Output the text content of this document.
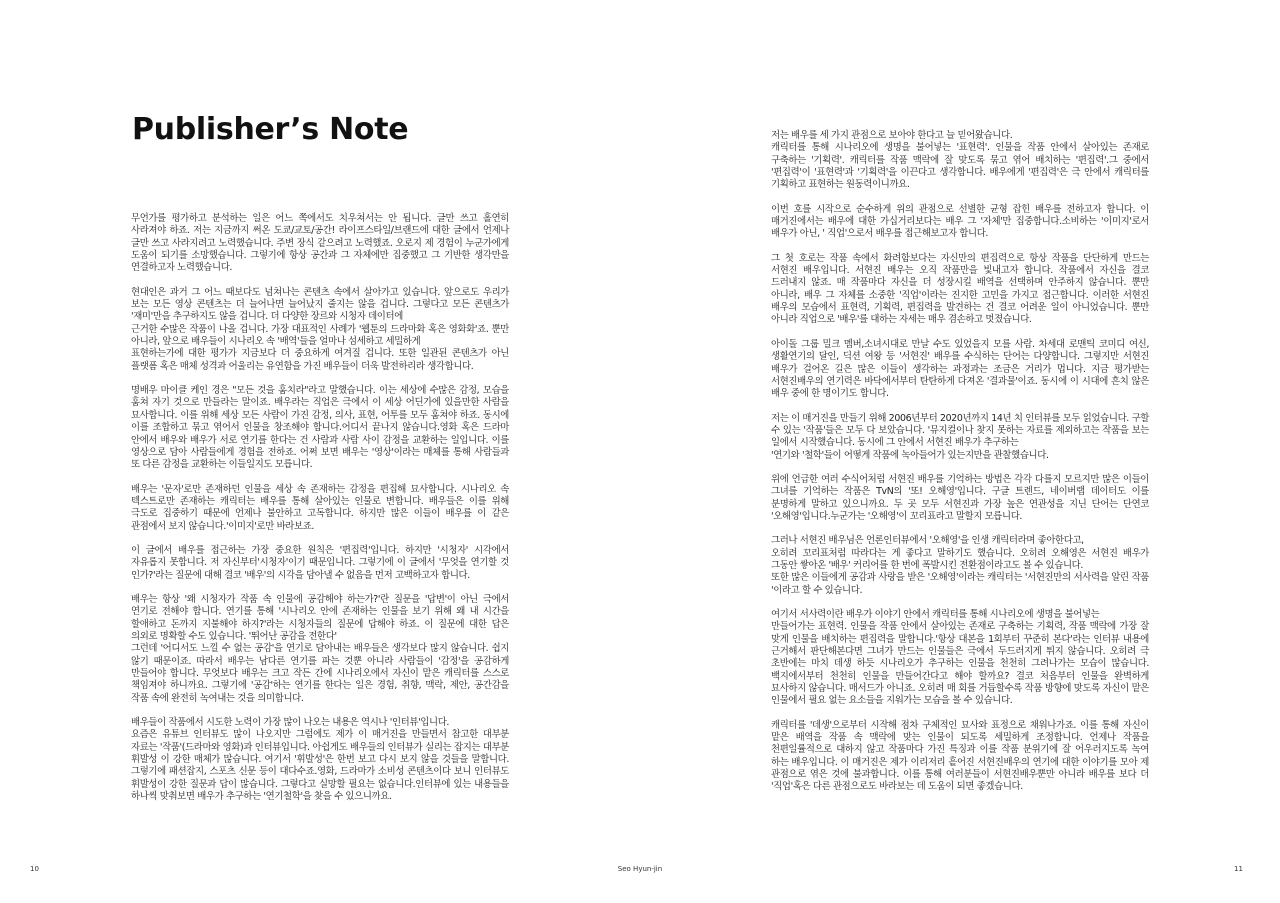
Publisher’s Note

무언가를 평가하고 분석하는 일은 어느 쪽에서도 치우쳐서는 안 됩니다. 글만 쓰고 홀연히 사라져야 하죠. 저는 지금까지 써온 도쿄/교토/공간! 라이프스타일/브랜드에 대한 글에서 언제나 글만 쓰고 사라지려고 노력했습니다. 주변 장식 같으려고 노력했죠. 오로지 제 경험이 누군가에게 도움이 되기를 소망했습니다. 그렇기에 항상 공간과 그 자체에만 집중했고 그 기반한 생각만을 연결하고자 노력했습니다.

현대인은 과거 그 어느 때보다도 넘쳐나는 콘텐츠 속에서 살아가고 있습니다. 앞으로도 우리가 보는 모든 영상 콘텐츠는 더 늘어나면 늘어났지 줄지는 않을 겁니다. 그렇다고 모든 콘텐츠가 '재미'만을 추구하지도 않을 겁니다. 더 다양한 장르와 시청자 데이터에
근거한 수많은 작품이 나올 겁니다. 가장 대표적인 사례가 '웹툰의 드라마화 혹은 영화화'죠. 뿐만 아니라, 앞으로 배우들이 시나리오 속 '배역'들을 얼마나 섬세하고 세밀하게
표현하는가에 대한 평가가 지금보다 더 중요하게 여겨질 겁니다. 또한 일관된 콘텐츠가 아닌 플랫폼 혹은 매체 성격과 어울리는 유연함을 가진 배우들이 더욱 발전하리라 생각합니다.

명배우 마이클 케인 경은 "모든 것을 훔치라"라고 말했습니다. 이는 세상에 수많은 감정, 모습을 훔쳐 자기 것으로 만들라는 말이죠. 배우라는 직업은 극에서 이 세상 어딘가에 있을만한 사람을 묘사합니다. 이를 위해 세상 모든 사람이 가진 감정, 의사, 표현, 어투를 모두 훔쳐야 하죠. 동시에 이를 조합하고 묶고 엮어서 인물을 창조해야 합니다.어디서 끝나지 않습니다.영화 혹은 드라마 안에서 배우와 배우가 서로 연기를 한다는 건 사람과 사람 사이 감정을 교환하는 일입니다. 이를 영상으로 담아 사람들에게 경험을 전하죠. 어쩌 보면 배우는 '영상'이라는 매체를 통해 사람들과 또 다른 감정을 교환하는 이들일지도 모릅니다.

배우는 '문자'로만 존재하던 인물을 세상 속 존재하는 감정을 편집해 묘사합니다. 시나리오 속 텍스트로만 존재하는 캐릭터는 배우를 통해 살아있는 인물로 변합니다. 배우들은 이를 위해 극도로 집중하기 때문에 언제나 불안하고 고독합니다. 하지만 많은 이들이 배우를 이 같은 관점에서 보지 않습니다.'이미지'로만 바라보죠.

이 글에서 배우를 접근하는 가장 중요한 원칙은 '편집력'입니다. 하지만 '시청자' 시각에서 자유롭지 못합니다. 저 자신부터'시청자'이기 때문입니다. 그렇기에 이 글에서 '무엇을 연기할 것 인가?'라는 질문에 대해 결코 '배우'의 시각을 담아낼 수 없음을 먼저 고백하고자 합니다.

배우는 항상 '왜 시청자가 작품 속 인물에 공감해야 하는가?'란 질문을 '답변'이 아닌 극에서 연기로 전해야 합니다. 연기를 통해 '시나리오 안에 존재하는 인물을 보기 위해 왜 내 시간을 할애하고 돈까지 지불해야 하지?'라는 시청자들의 질문에 답해야 하죠. 이 질문에 대한 답은 의외로 명확할 수도 있습니다. '뛰어난 공감을 전한다'
그런데 '어디서도 느낄 수 없는 공감'을 연기로 담아내는 배우들은 생각보다 많지 않습니다. 쉽지 않기 때문이죠. 따라서 배우는 남다른 연기를 파는 것뿐 아니라 사람들이 '감정'을 공감하게 만들어야 합니다. 무엇보다 배우는 크고 작든 간에 시나리오에서 자신이 맡은 캐릭터를 스스로 책임져야 하니까요. 그렇기에 '공감'하는 연기를 한다는 일은 경험, 취향, 맥락, 제안, 공간감을 작품 속에 완전히 녹여내는 것을 의미합니다.

배우들이 작품에서 시도한 노력이 가장 많이 나오는 내용은 역시나 '인터뷰'입니다.
요즘은 유튜브 인터뷰도 많이 나오지만 그럼에도 제가 이 매거진을 만들면서 참고한 대부분 자료는 '작품'(드라마와 영화)과 인터뷰입니다. 아쉽게도 배우들의 인터뷰가 실리는 잡지는 대부분 휘발성 이 강한 매체가 많습니다. 여기서 '휘발성'은 한번 보고 다시 보지 않을 것들을 말합니다. 그렇기에 패션잡지, 스포츠 신문 등이 대다수죠.영화, 드라마가 소비성 콘텐츠이다 보니 인터뷰도 휘발성이 강한 질문과 답이 많습니다. 그렇다고 실망할 필요는 없습니다.인터뷰에 있는 내용들을 하나씩 맞춰보면 배우가 추구하는 '연기철학'을 찾을 수 있으니까요.

저는 배우를 세 가지 관점으로 보아야 한다고 늘 믿어왔습니다.
캐릭터를 통해 시나리오에 생명을 불어넣는 '표현력'. 인물을 작품 안에서 살아있는 존재로 구축하는 '기획력'. 캐릭터를 작품 맥락에 잘 맞도록 묶고 엮어 배치하는 '편집력'.그 중에서 '편집력'이 '표현력'과 '기획력'을 이끈다고 생각합니다. 배우에게 '편집력'은 극 안에서 캐릭터를 기획하고 표현하는 원동력이니까요.

이번 호를 시작으로 순수하게 위의 관점으로 선별한 균형 잡힌 배우를 전하고자 합니다. 이 매거진에서는 배우에 대한 가십거리보다는 배우 그 '자체'만 집중합니다.소비하는 '이미지'로서 배우가 아닌, ' 직업'으로서 배우를 접근해보고자 합니다.

그 첫 호로는 작품 속에서 화려함보다는 자신만의 편집력으로 항상 작품을 단단하게 만드는 서현진 배우입니다. 서현진 배우는 오직 작품만을 빛내고자 합니다. 작품에서 자신을 결코 드러내지 않죠. 매 작품마다 자신을 더 성장시킬 배역을 선택하며 안주하지 않습니다. 뿐만 아니라, 배우 그 자체를 소중한 '직업'이라는 진지한 고민을 가지고 접근합니다. 이러한 서현진 배우의 모습에서 표현력, 기획력, 편집력을 발견하는 건 결코 어려운 일이 아니었습니다. 뿐만 아니라 직업으로 '배우'를 대하는 자세는 매우 겸손하고 멋졌습니다.

아이돌 그룹 밀크 멤버,소녀시대로 만날 수도 있었을지 모를 사람. 차세대 로맨틱 코미디 여신, 생활연기의 달인, 딕션 여왕 등 '서현진' 배우를 수식하는 단어는 다양합니다. 그렇지만 서현진 배우가 걸어온 길은 많은 이들이 생각하는 과정과는 조금은 거리가 멉니다. 지금 평가받는 서현진배우의 연기력은 바닥에서부터 탄탄하게 다져온 '결과물'이죠. 동시에 이 시대에 흔치 않은 배우 중에 한 명이기도 합니다.

저는 이 매거진을 만들기 위해 2006년부터 2020년까지 14년 치 인터뷰를 모두 읽었습니다. 구할 수 있는 '작품'들은 모두 다 보았습니다. '뮤지컬이나 찾지 못하는 자료를 제외하고는 작품을 보는 일에서 시작했습니다. 동시에 그 안에서 서현진 배우가 추구하는
'연기와 '철학'들이 어떻게 작품에 녹아들어가 있는지만을 관찰했습니다.

위에 언급한 여러 수식어처럼 서현진 배우를 기억하는 방법은 각각 다를지 모르지만 많은 이들이 그녀를 기억하는 작품은 TvN의 '또! 오해영'입니다. 구글 트렌드, 네이버랩 데이터도 이를 분명하게 말하고 있으니까요. 두 곳 모두 서현진과 가장 높은 연관성을 지닌 단어는 단연코 '오해영'입니다.누군가는 '오해영'이 꼬리표라고 말할지 모릅니다.

그러나 서현진 배우님은 언론인터뷰에서 '오해영'을 인생 캐릭터라며 좋아한다고,
오히려 꼬리표처럼 따라다는 게 좋다고 말하기도 했습니다. 오히려 오해영은 서현진 배우가 그동안 쌓아온 '배우' 커리어를 한 번에 폭발시킨 전환점이라고도 볼 수 있습니다.
또한 많은 이들에게 공감과 사랑을 받은 '오해영'이라는 캐릭터는 '서현진만의 서사력을 알린 작품 '이라고 할 수 있습니다.

여기서 서사력이란 배우가 이야기 안에서 캐릭터를 통해 시나리오에 생명을 불어넣는
만들어가는 표현력. 인물을 작품 안에서 살아있는 존재로 구축하는 기획력, 작품 맥락에 가장 잘 맞게 인물을 배치하는 편집력을 말합니다.'항상 대본을 1회부터 꾸준히 본다'라는 인터뷰 내용에 근거해서 판단해본다면 그녀가 만드는 인물들은 극에서 두드러지게 튀지 않습니다. 오히려 극 초반에는 마치 데생 하듯 시나리오가 추구하는 인물을 천천히 그려나가는 모습이 많습니다. 백지에서부터 천천히 인물을 만들어간다고 해야 할까요? 결코 처음부터 인물을 완벽하게 묘사하지 않습니다. 매서드가 아니죠. 오히려 매 회를 거듭할수록 작품 방향에 맞도록 자신이 맡은 인물에서 필요 없는 요소들을 지워가는 모습을 볼 수 있습니다.

캐릭터를 '데생'으로부터 시작해 점차 구체적인 묘사와 표정으로 채워나가죠. 이를 통해 자신이 맡은 배역을 작품 속 맥락에 맞는 인물이 되도록 세밀하게 조정합니다. 언제나 작품을 천편일률적으로 대하지 않고 작품마다 가진 특징과 이를 작품 분위기에 잘 어우러지도록 녹여 하는 배우입니다. 이 매거진은 제가 이리저리 흩어진 서현진배우의 연기에 대한 이야기를 모아 제 관점으로 엮은 것에 불과합니다. 이를 통해 여러분들이 서현진배우뿐만 아니라 배우를 보다 더 '직업'혹은 다른 관점으로도 바라보는 데 도움이 되면 좋겠습니다.

10	Seo Hyun-jin	11
